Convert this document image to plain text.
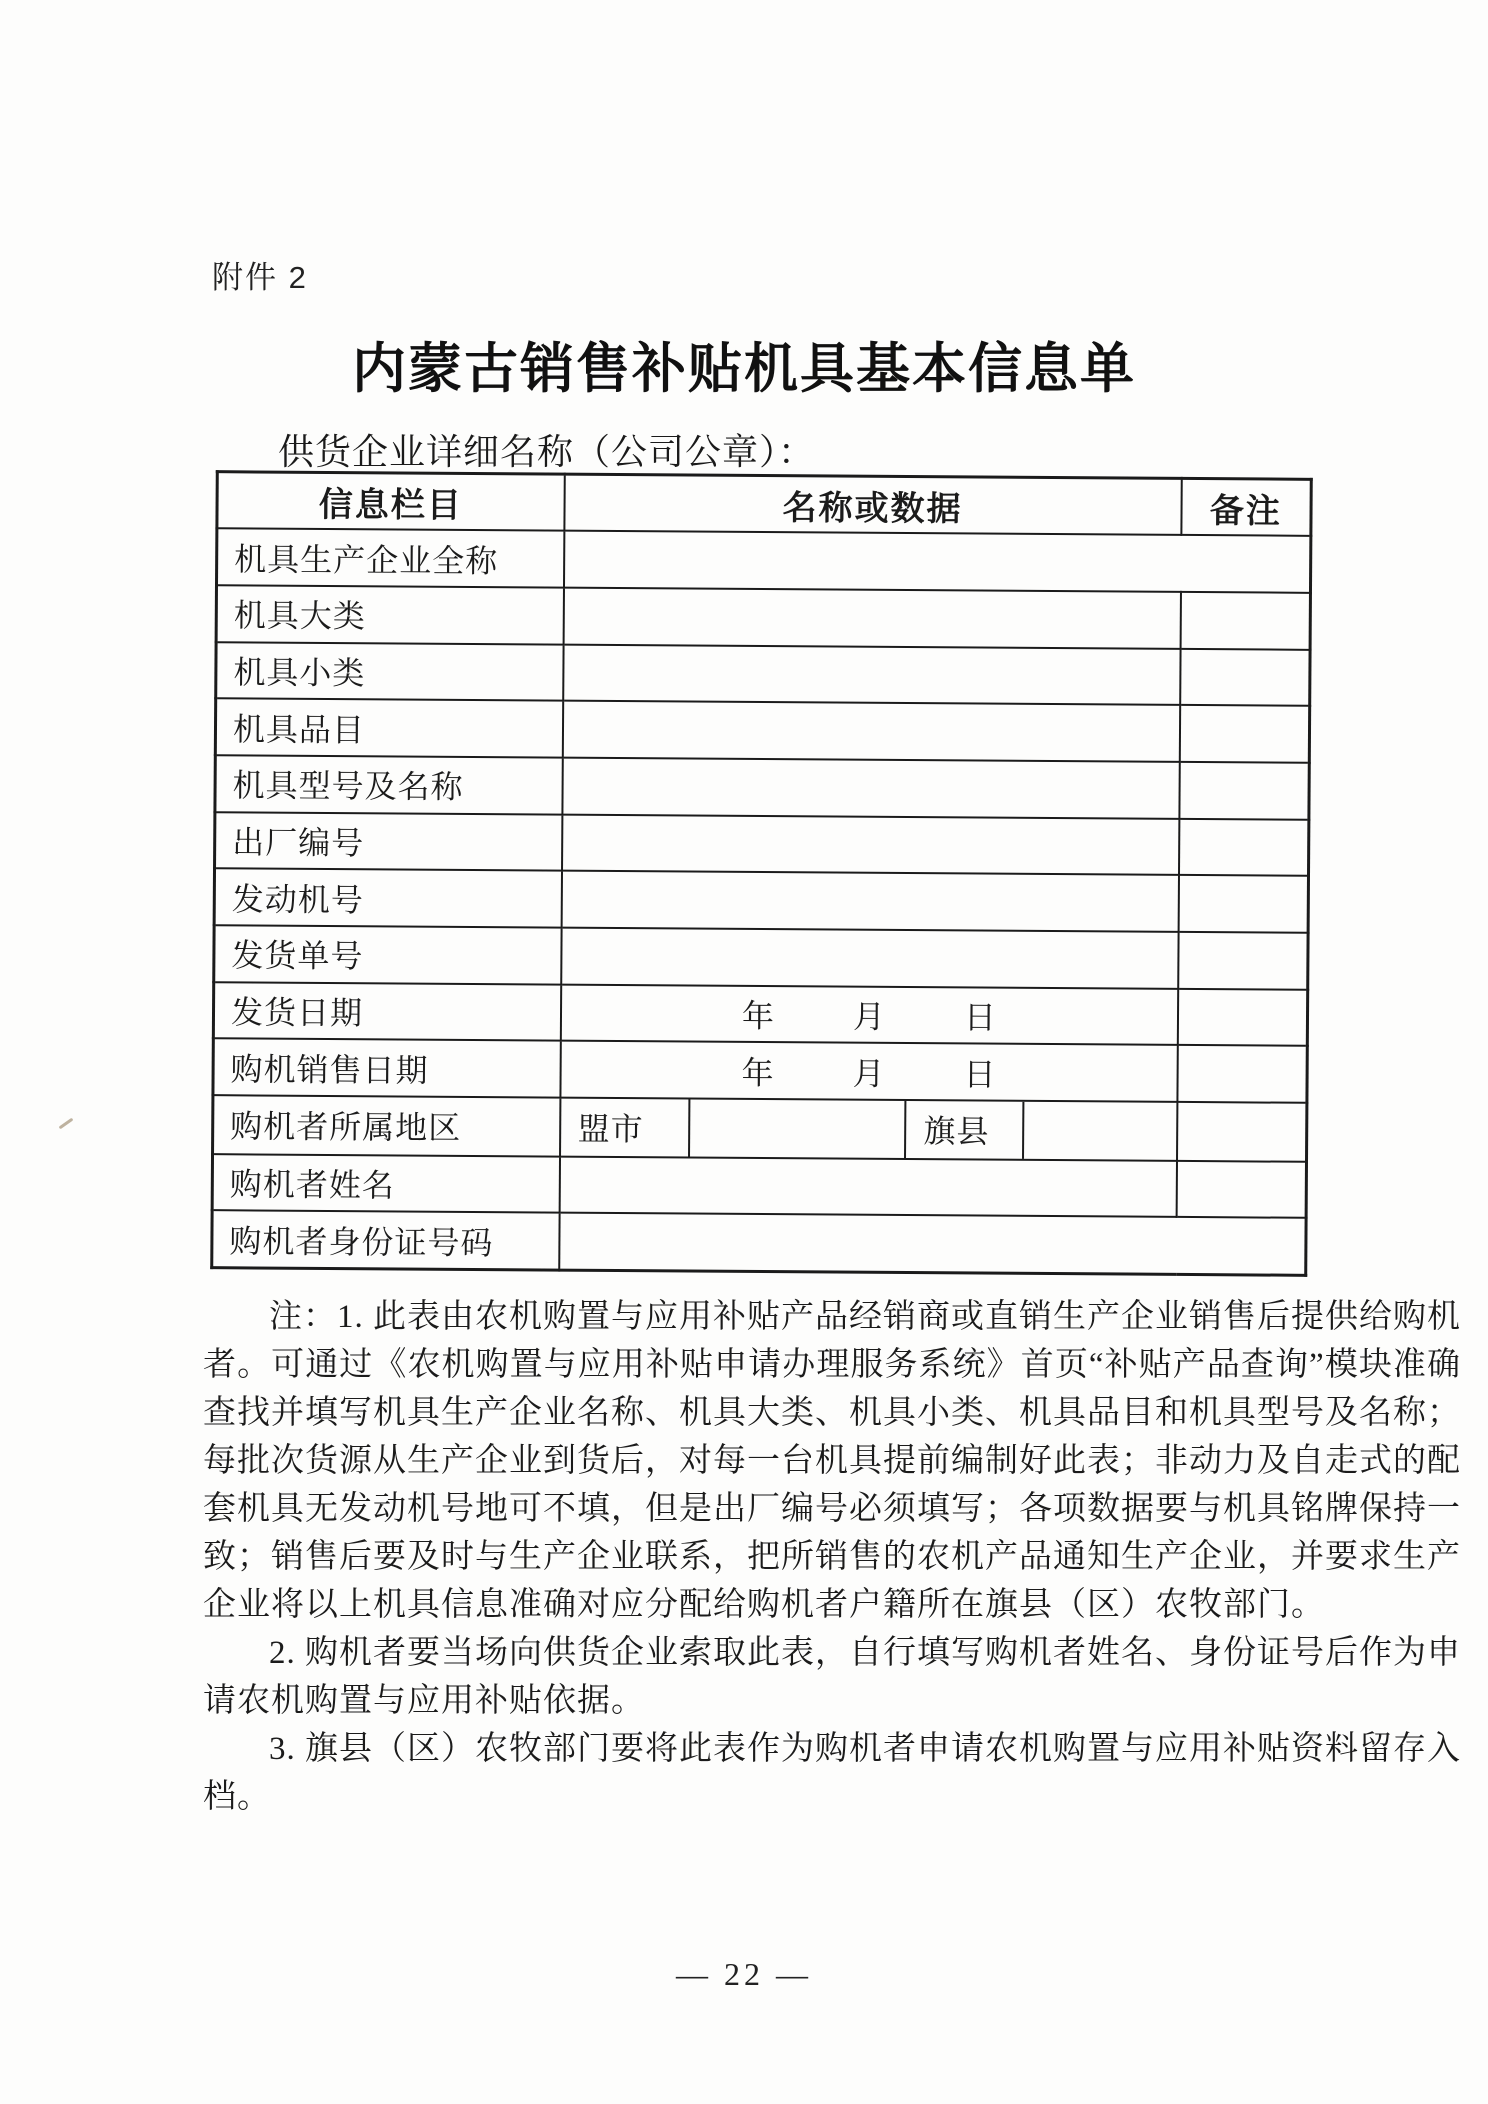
附件 2
内蒙古销售补贴机具基本信息单
供货企业详细名称（公司公章）：
信息栏目	名称或数据	备注
机具生产企业全称		
机具大类		
机具小类		
机具品目		
机具型号及名称		
出厂编号		
发动机号		
发货单号		
发货日期	年 月 日	

购机销售日期	年 月 日	

购机者所属地区	盟市 旗县	

购机者姓名		
购机者身份证号码		

注：1. 此表由农机购置与应用补贴产品经销商或直销生产企业销售后提供给购机者。可通过《农机购置与应用补贴申请办理服务系统》首页“补贴产品查询”模块准确查找并填写机具生产企业名称、机具大类、机具小类、机具品目和机具型号及名称；每批次货源从生产企业到货后，对每一台机具提前编制好此表；非动力及自走式的配套机具无发动机号地可不填，但是出厂编号必须填写；各项数据要与机具铭牌保持一致；销售后要及时与生产企业联系，把所销售的农机产品通知生产企业，并要求生产企业将以上机具信息准确对应分配给购机者户籍所在旗县（区）农牧部门。

2. 购机者要当场向供货企业索取此表，自行填写购机者姓名、身份证号后作为申请农机购置与应用补贴依据。

3. 旗县（区）农牧部门要将此表作为购机者申请农机购置与应用补贴资料留存入档。

— 22 —
